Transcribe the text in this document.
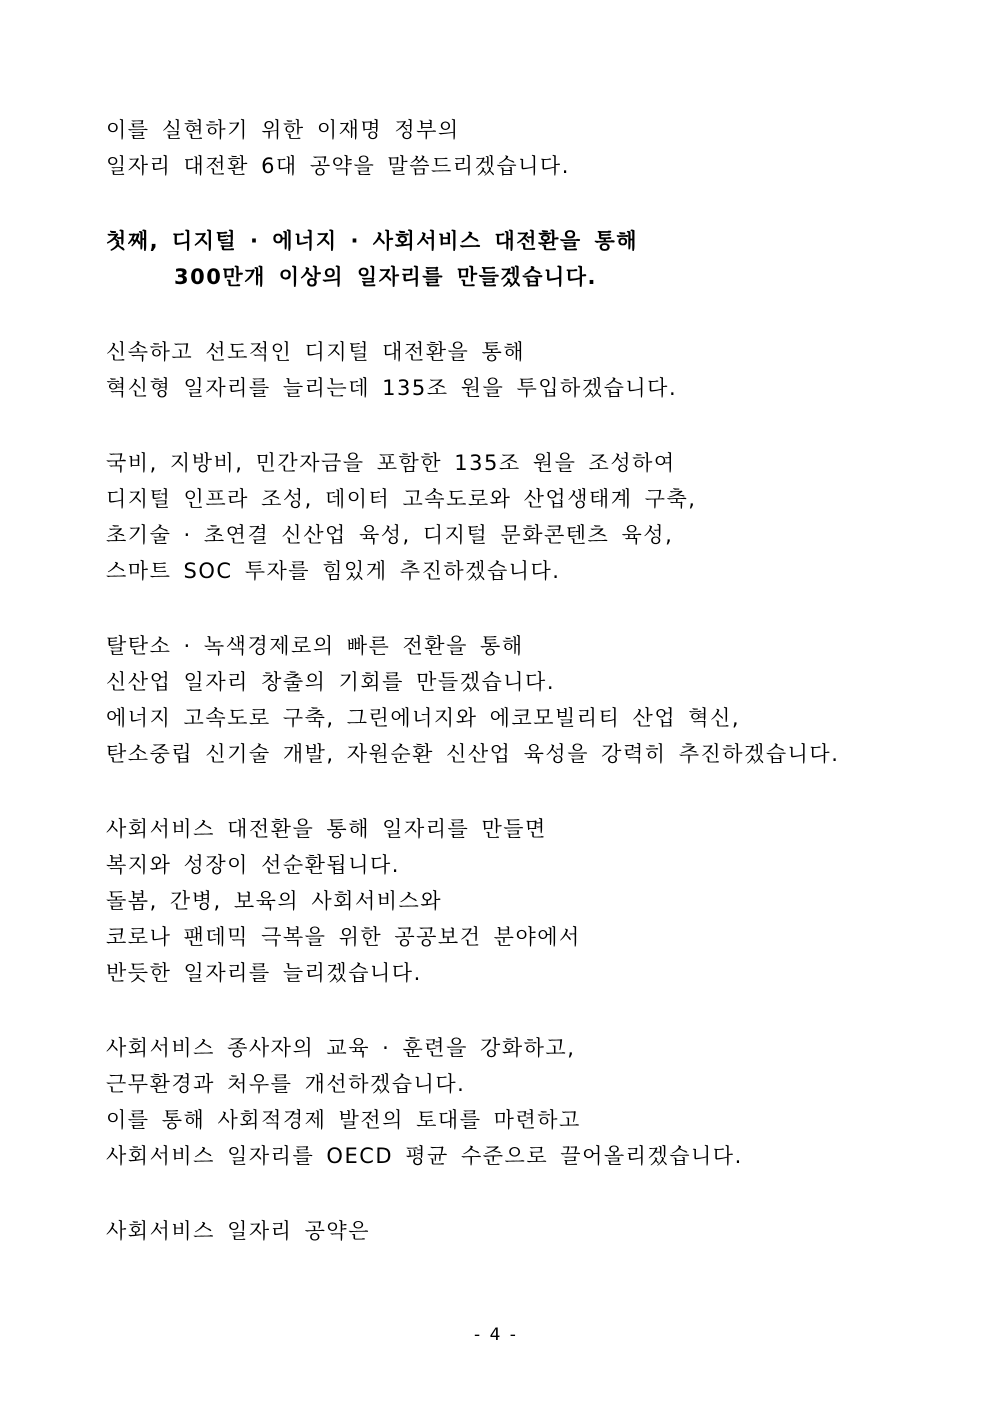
이를 실현하기 위한 이재명 정부의
일자리 대전환 6대 공약을 말씀드리겠습니다.
첫째, 디지털 · 에너지 · 사회서비스 대전환을 통해
300만개 이상의 일자리를 만들겠습니다.
신속하고 선도적인 디지털 대전환을 통해
혁신형 일자리를 늘리는데 135조 원을 투입하겠습니다.
국비, 지방비, 민간자금을 포함한 135조 원을 조성하여
디지털 인프라 조성, 데이터 고속도로와 산업생태계 구축,
초기술 · 초연결 신산업 육성, 디지털 문화콘텐츠 육성,
스마트 SOC 투자를 힘있게 추진하겠습니다.
탈탄소 · 녹색경제로의 빠른 전환을 통해
신산업 일자리 창출의 기회를 만들겠습니다.
에너지 고속도로 구축, 그린에너지와 에코모빌리티 산업 혁신,
탄소중립 신기술 개발, 자원순환 신산업 육성을 강력히 추진하겠습니다.
사회서비스 대전환을 통해 일자리를 만들면
복지와 성장이 선순환됩니다.
돌봄, 간병, 보육의 사회서비스와
코로나 팬데믹 극복을 위한 공공보건 분야에서
반듯한 일자리를 늘리겠습니다.
사회서비스 종사자의 교육 · 훈련을 강화하고,
근무환경과 처우를 개선하겠습니다.
이를 통해 사회적경제 발전의 토대를 마련하고
사회서비스 일자리를 OECD 평균 수준으로 끌어올리겠습니다.
사회서비스 일자리 공약은
- 4 -
